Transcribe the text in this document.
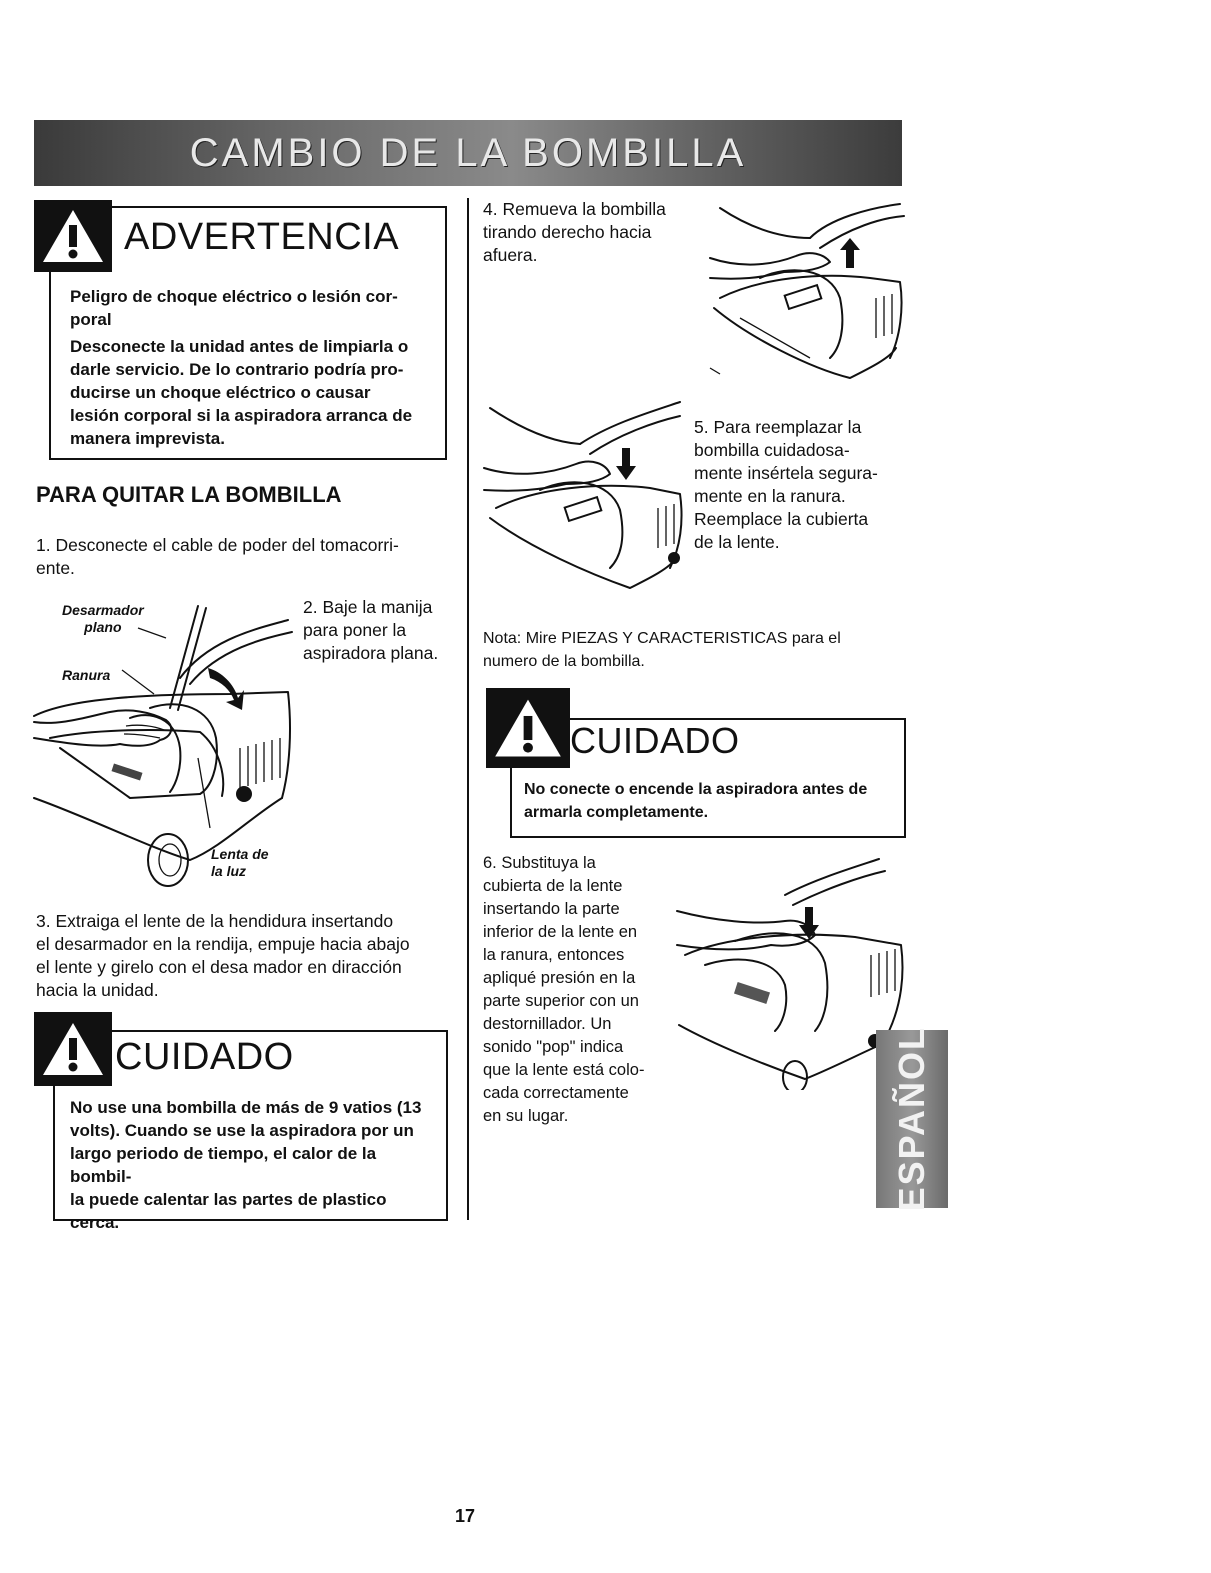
CAMBIO DE LA BOMBILLA
ADVERTENCIA
Peligro de choque eléctrico o lesión cor-
poral
Desconecte la unidad antes de limpiarla o
darle servicio. De lo contrario podría pro-
ducirse un choque eléctrico o causar
lesión corporal si la aspiradora arranca de
manera imprevista.
PARA QUITAR LA BOMBILLA
1. Desconecte el cable de poder del tomacorri-
ente.
Desarmador
plano
Ranura
Lenta de
la luz
2. Baje la manija
para poner la
aspiradora plana.
3. Extraiga el lente de la hendidura insertando
el desarmador en la rendija, empuje hacia abajo
el lente y girelo con el desa mador en diracción
hacia la unidad.
CUIDADO
No use una bombilla de más de 9 vatios (13
volts). Cuando se use la aspiradora por un
largo periodo de tiempo, el calor de la bombil-
la puede calentar las partes de plastico cerca.
4. Remueva la bombilla
tirando derecho hacia
afuera.
5. Para reemplazar la
bombilla cuidadosa-
mente insértela segura-
mente en la ranura.
Reemplace la cubierta
de la lente.
Nota: Mire PIEZAS Y CARACTERISTICAS para el
numero de la bombilla.
CUIDADO
No conecte o encende la aspiradora antes de
armarla completamente.
6. Substituya la
cubierta de la lente
insertando la parte
inferior de la lente en
la ranura, entonces
apliqué presión en la
parte superior con un
destornillador. Un
sonido "pop" indica
que la lente está colo-
cada correctamente
en su lugar.	ESPAÑOL
17
